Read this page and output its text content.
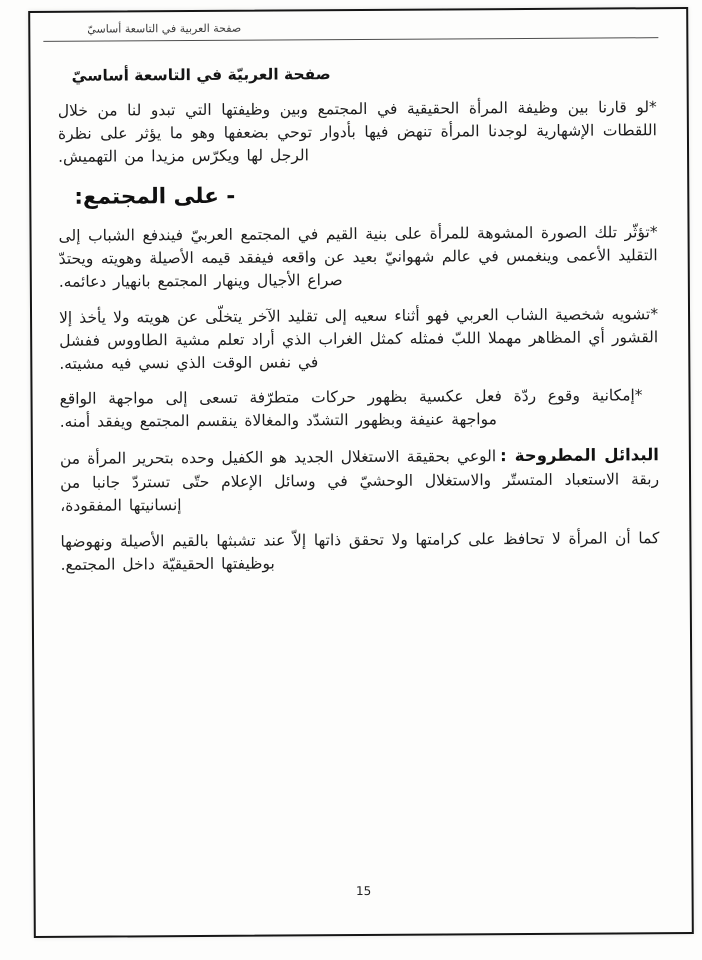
صفحة العربية في التاسعة أساسيّ
صفحة العربيّة في التاسعة أساسيّ

*لو قارنا بين وظيفة المرأة الحقيقية في المجتمع وبين وظيفتها التي تبدو لنا من خلال اللقطات الإشهارية لوجدنا المرأة تنهض فيها بأدوار توحي بضعفها وهو ما يؤثر على نظرة الرجل لها ويكرّس مزيدا من التهميش.

- على المجتمع:

*تؤثّر تلك الصورة المشوهة للمرأة على بنية القيم في المجتمع العربيّ فيندفع الشباب إلى التقليد الأعمى وينغمس في عالم شهوانيّ بعيد عن واقعه فيفقد قيمه الأصيلة وهويته ويحتدّ صراع الأجيال وينهار المجتمع بانهيار دعائمه.

*تشويه شخصية الشاب العربي فهو أثناء سعيه إلى تقليد الآخر يتخلّى عن هويته ولا يأخذ إلا القشور أي المظاهر مهملا اللبّ فمثله كمثل الغراب الذي أراد تعلم مشية الطاووس ففشل في نفس الوقت الذي نسي فيه مشيته.

*إمكانية وقوع ردّة فعل عكسية بظهور حركات متطرّفة تسعى إلى مواجهة الواقع مواجهة عنيفة وبظهور التشدّد والمغالاة ينقسم المجتمع ويفقد أمنه.

البدائل المطروحة :الوعي بحقيقة الاستغلال الجديد هو الكفيل وحده بتحرير المرأة من ربقة الاستعباد المتستّر والاستغلال الوحشيّ في وسائل الإعلام حتّى تستردّ جانبا من إنسانيتها المفقودة،

كما أن المرأة لا تحافظ على كرامتها ولا تحقق ذاتها إلاّ عند تشبثها بالقيم الأصيلة ونهوضها بوظيفتها الحقيقيّة داخل المجتمع.

15
